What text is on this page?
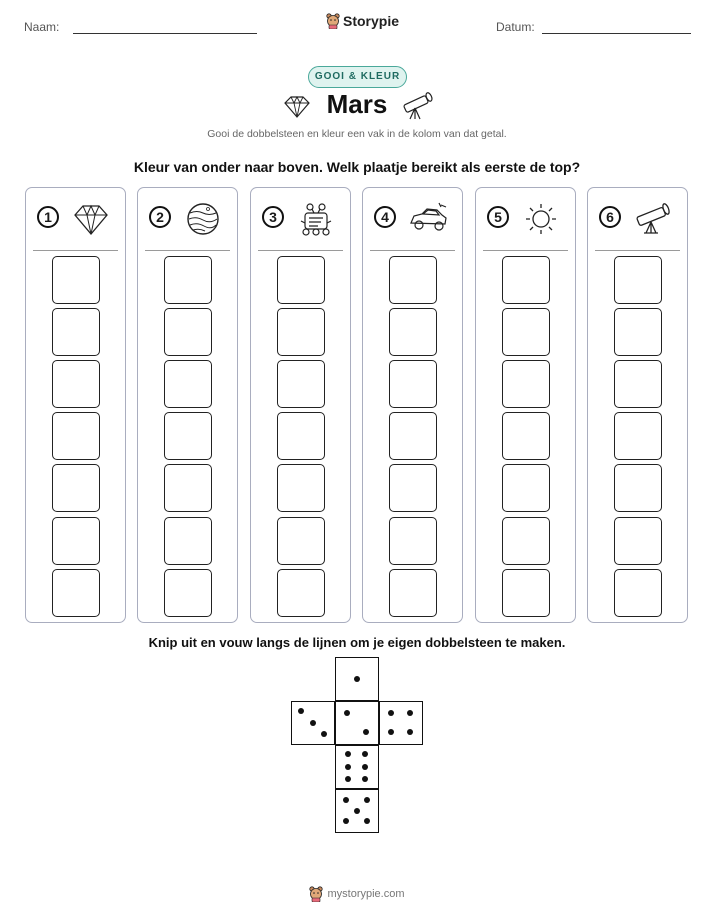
Naam:	Storypie	Datum:
GOOI & KLEUR
Mars
Gooi de dobbelsteen en kleur een vak in de kolom van dat getal.
Kleur van onder naar boven. Welk plaatje bereikt als eerste de top?
1	2	3	4	5	6
Knip uit en vouw langs de lijnen om je eigen dobbelsteen te maken.
mystorypie.com
